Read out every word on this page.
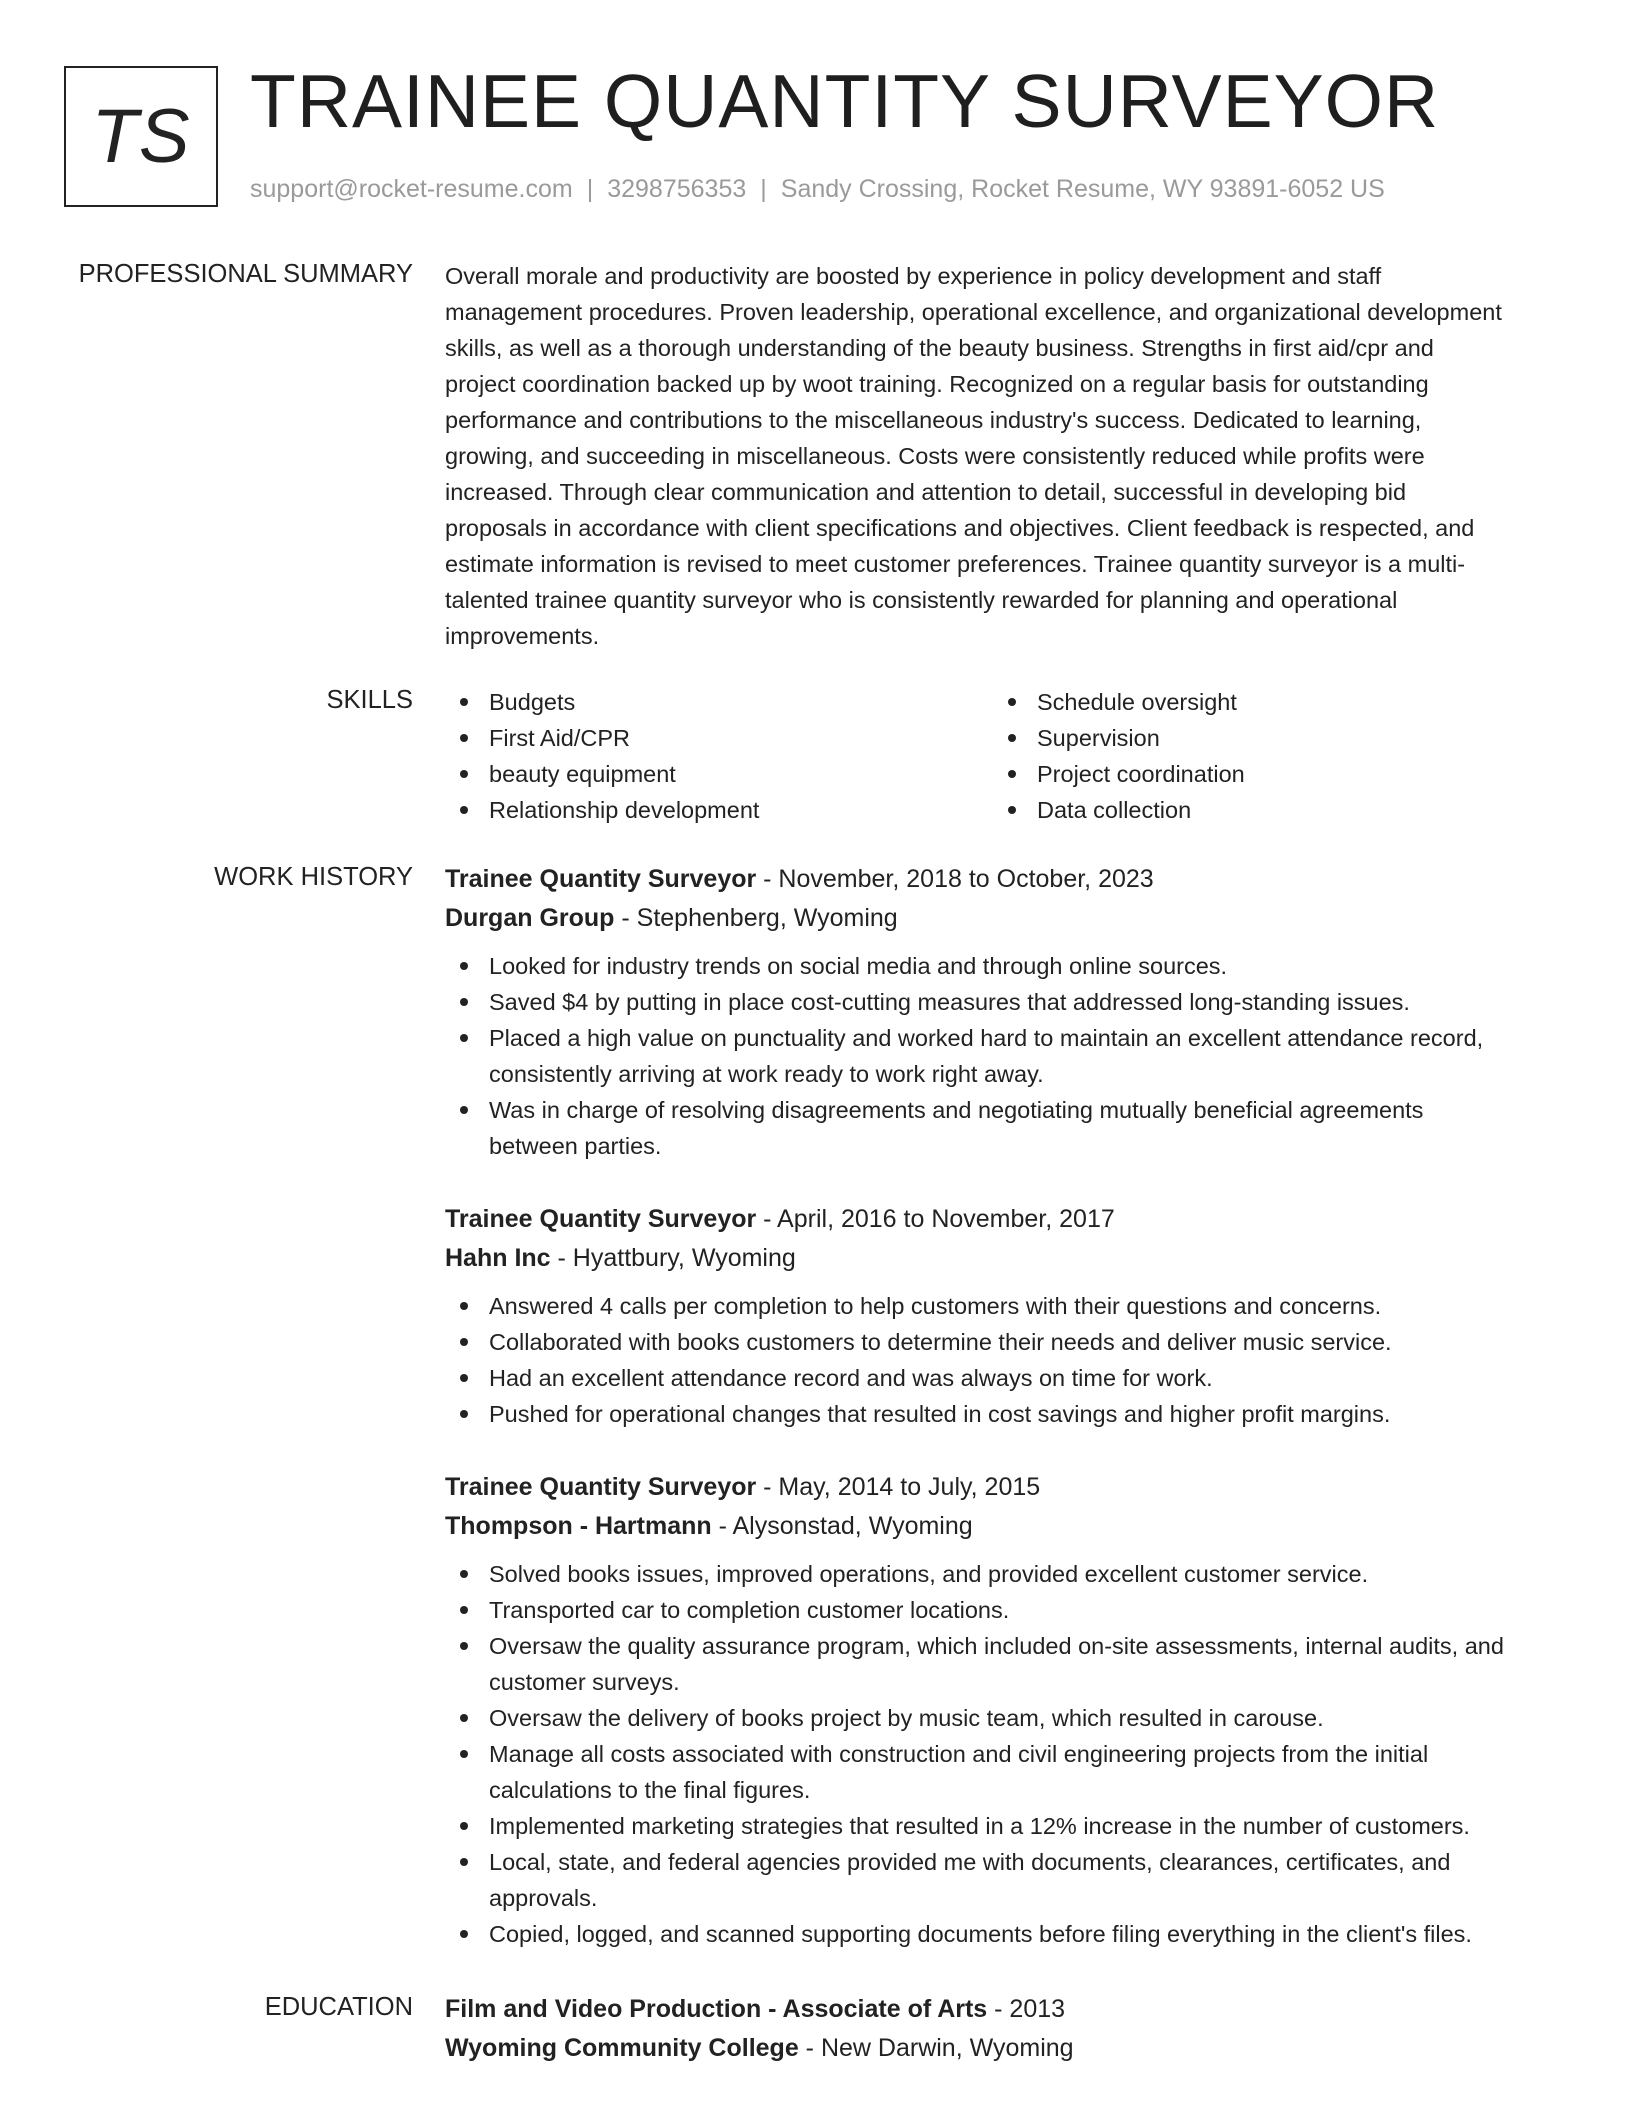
TS TRAINEE QUANTITY SURVEYOR
support@rocket-resume.com | 3298756353 | Sandy Crossing, Rocket Resume, WY 93891-6052 US
PROFESSIONAL SUMMARY Overall morale and productivity are boosted by experience in policy development and staff
management procedures. Proven leadership, operational excellence, and organizational development
skills, as well as a thorough understanding of the beauty business. Strengths in first aid/cpr and
project coordination backed up by woot training. Recognized on a regular basis for outstanding
performance and contributions to the miscellaneous industry's success. Dedicated to learning,
growing, and succeeding in miscellaneous. Costs were consistently reduced while profits were
increased. Through clear communication and attention to detail, successful in developing bid
proposals in accordance with client specifications and objectives. Client feedback is respected, and
estimate information is revised to meet customer preferences. Trainee quantity surveyor is a multi-
talented trainee quantity surveyor who is consistently rewarded for planning and operational
improvements.
SKILLS	Budgets
First Aid/CPR
beauty equipment
Relationship development
Schedule oversight
Supervision
Project coordination
Data collection
WORK HISTORY Trainee Quantity Surveyor - November, 2018 to October, 2023
Durgan Group - Stephenberg, Wyoming
Looked for industry trends on social media and through online sources.
Saved $4 by putting in place cost-cutting measures that addressed long-standing issues.
Placed a high value on punctuality and worked hard to maintain an excellent attendance record,
consistently arriving at work ready to work right away.
Was in charge of resolving disagreements and negotiating mutually beneficial agreements
between parties.
Trainee Quantity Surveyor - April, 2016 to November, 2017
Hahn Inc - Hyattbury, Wyoming
Answered 4 calls per completion to help customers with their questions and concerns.
Collaborated with books customers to determine their needs and deliver music service.
Had an excellent attendance record and was always on time for work.
Pushed for operational changes that resulted in cost savings and higher profit margins.
Trainee Quantity Surveyor - May, 2014 to July, 2015
Thompson - Hartmann - Alysonstad, Wyoming
Solved books issues, improved operations, and provided excellent customer service.
Transported car to completion customer locations.
Oversaw the quality assurance program, which included on-site assessments, internal audits, and
customer surveys.
Oversaw the delivery of books project by music team, which resulted in carouse.
Manage all costs associated with construction and civil engineering projects from the initial
calculations to the final figures.
Implemented marketing strategies that resulted in a 12% increase in the number of customers.
Local, state, and federal agencies provided me with documents, clearances, certificates, and
approvals.
Copied, logged, and scanned supporting documents before filing everything in the client's files.
EDUCATION Film and Video Production - Associate of Arts - 2013
Wyoming Community College - New Darwin, Wyoming
